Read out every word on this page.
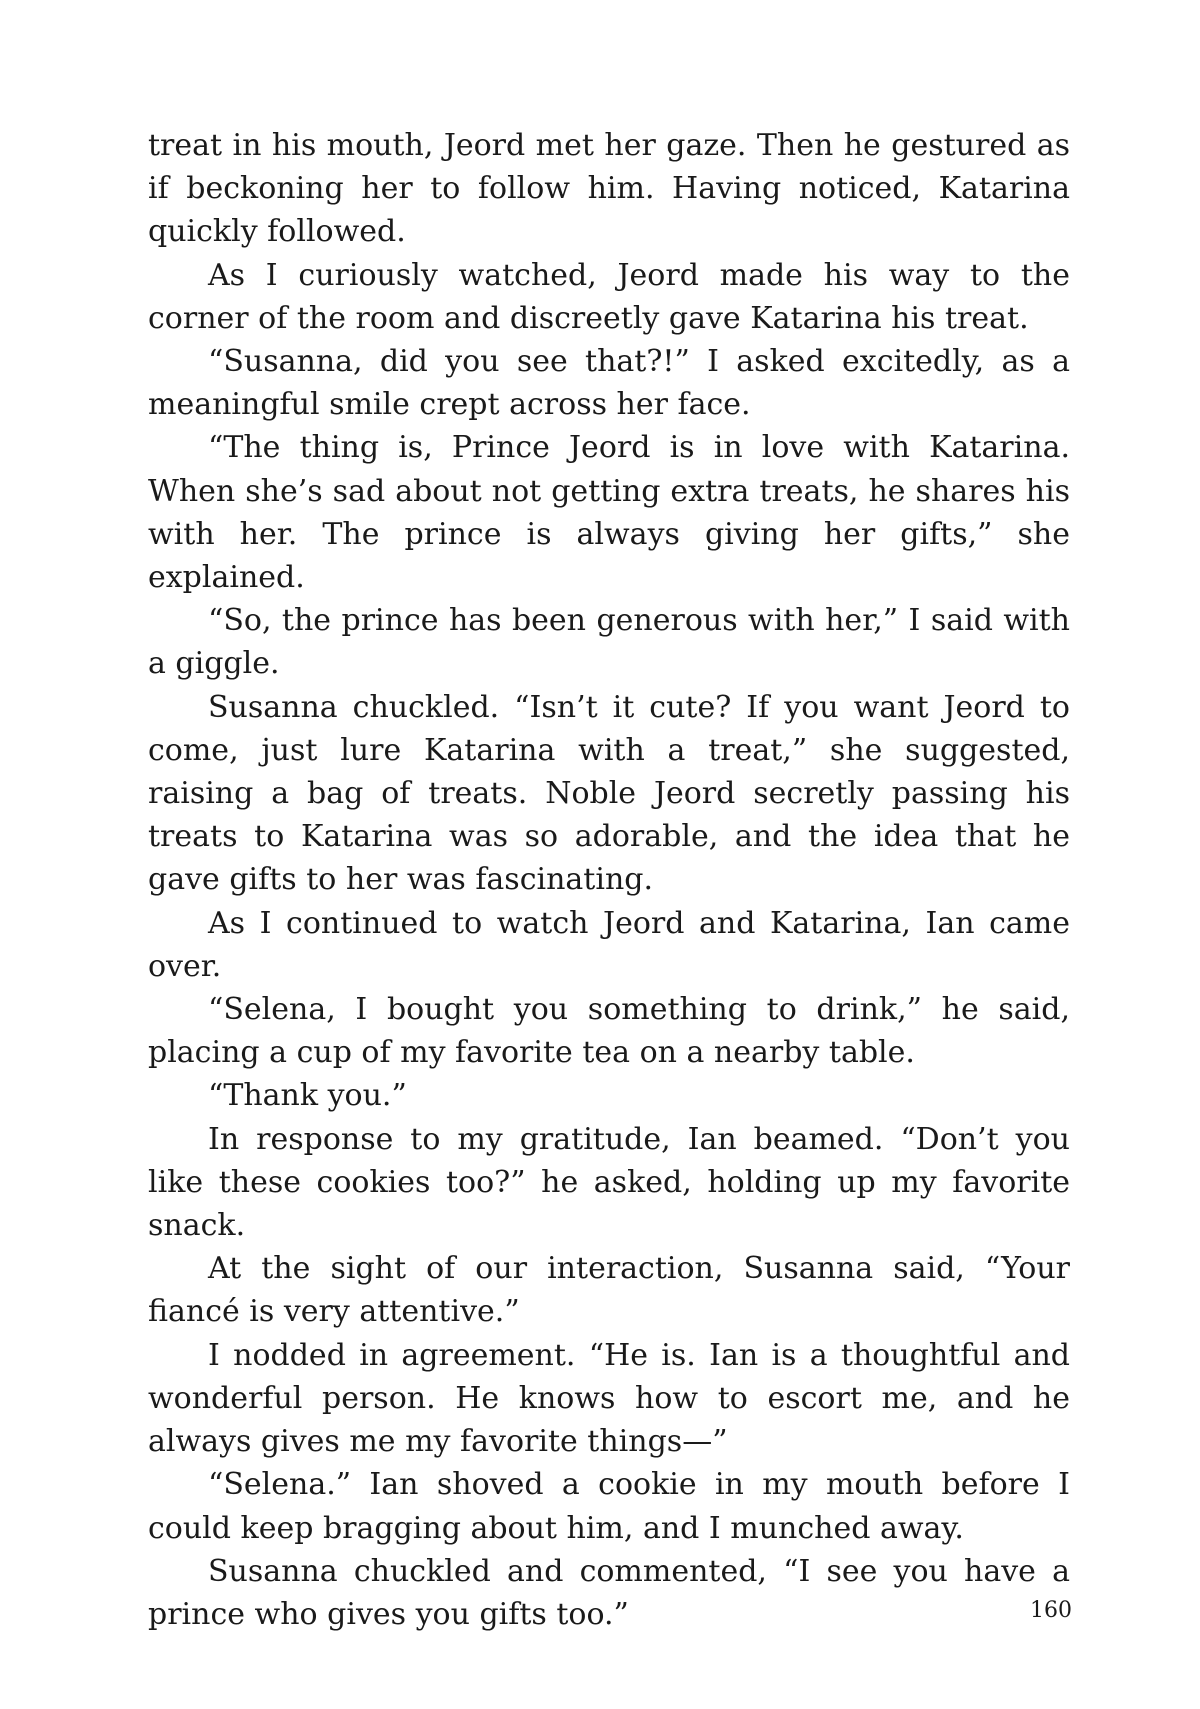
treat in his mouth, Jeord met her gaze. Then he gestured as if beckoning her to follow him. Having noticed, Katarina quickly followed.

As I curiously watched, Jeord made his way to the corner of the room and discreetly gave Katarina his treat.

“Susanna, did you see that?!” I asked excitedly, as a meaningful smile crept across her face.

“The thing is, Prince Jeord is in love with Katarina. When she’s sad about not getting extra treats, he shares his with her. The prince is always giving her gifts,” she explained.

“So, the prince has been generous with her,” I said with a giggle.

Susanna chuckled. “Isn’t it cute? If you want Jeord to come, just lure Katarina with a treat,” she suggested, raising a bag of treats. Noble Jeord secretly passing his treats to Katarina was so adorable, and the idea that he gave gifts to her was fascinating.

As I continued to watch Jeord and Katarina, Ian came over.

“Selena, I bought you something to drink,” he said, placing a cup of my favorite tea on a nearby table.

“Thank you.”

In response to my gratitude, Ian beamed. “Don’t you like these cookies too?” he asked, holding up my favorite snack.

At the sight of our interaction, Susanna said, “Your fiancé is very attentive.”

I nodded in agreement. “He is. Ian is a thoughtful and wonderful person. He knows how to escort me, and he always gives me my favorite things—”

“Selena.” Ian shoved a cookie in my mouth before I could keep bragging about him, and I munched away.

Susanna chuckled and commented, “I see you have a prince who gives you gifts too.”	160
